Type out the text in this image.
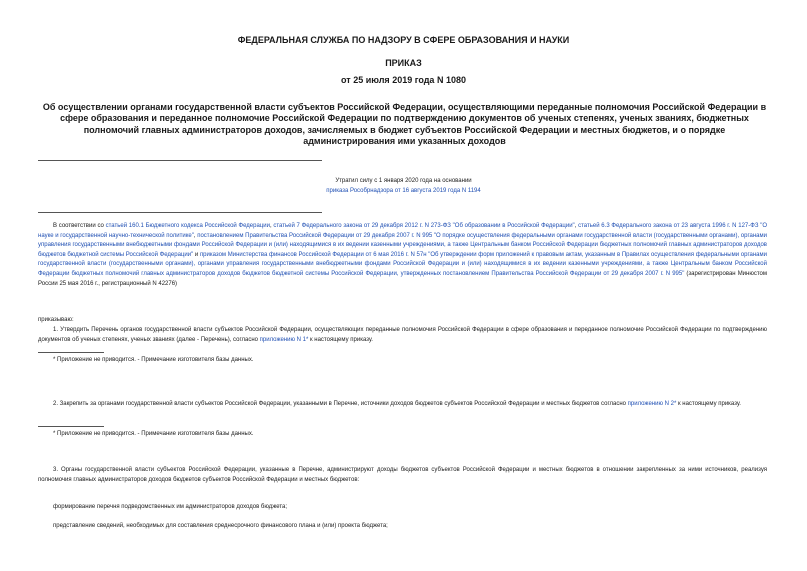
ФЕДЕРАЛЬНАЯ СЛУЖБА ПО НАДЗОРУ В СФЕРЕ ОБРАЗОВАНИЯ И НАУКИ
ПРИКАЗ
от 25 июля 2019 года N 1080
Об осуществлении органами государственной власти субъектов Российской Федерации, осуществляющими переданные полномочия Российской Федерации в сфере образования и переданное полномочие Российской Федерации по подтверждению документов об ученых степенях, ученых званиях, бюджетных полномочий главных администраторов доходов, зачисляемых в бюджет субъектов Российской Федерации и местных бюджетов, и о порядке администрирования ими указанных доходов
Утратил силу с 1 января 2020 года на основании
приказа Рособрнадзора от 16 августа 2019 года N 1194
В соответствии со статьей 160.1 Бюджетного кодекса Российской Федерации, статьей 7 Федерального закона от 29 декабря 2012 г. N 273-ФЗ "Об образовании в Российской Федерации", статьей 6.3 Федерального закона от 23 августа 1996 г. N 127-ФЗ "О науке и государственной научно-технической политике", постановлением Правительства Российской Федерации от 29 декабря 2007 г. N 995 "О порядке осуществления федеральными органами государственной власти (государственными органами), органами управления государственными внебюджетными фондами Российской Федерации и (или) находящимися в их ведении казенными учреждениями, а также Центральным банком Российской Федерации бюджетных полномочий главных администраторов доходов бюджетов бюджетной системы Российской Федерации" и приказом Министерства финансов Российской Федерации от 6 мая 2016 г. N 57н "Об утверждении форм приложений к правовым актам, указанным в Правилах осуществления федеральными органами государственной власти (государственными органами), органами управления государственными внебюджетными фондами Российской Федерации и (или) находящимися в их ведении казенными учреждениями, а также Центральным банком Российской Федерации бюджетных полномочий главных администраторов доходов бюджетов бюджетной системы Российской Федерации, утвержденных постановлением Правительства Российской Федерации от 29 декабря 2007 г. N 995" (зарегистрирован Минюстом России 25 мая 2016 г., регистрационный N 42276)
приказываю:
1. Утвердить Перечень органов государственной власти субъектов Российской Федерации, осуществляющих переданные полномочия Российской Федерации в сфере образования и переданное полномочие Российской Федерации по подтверждению документов об ученых степенях, ученых званиях (далее - Перечень), согласно приложению N 1* к настоящему приказу.
* Приложение не приводится. - Примечание изготовителя базы данных.
2. Закрепить за органами государственной власти субъектов Российской Федерации, указанными в Перечне, источники доходов бюджетов субъектов Российской Федерации и местных бюджетов согласно приложению N 2* к настоящему приказу.
* Приложение не приводится. - Примечание изготовителя базы данных.
3. Органы государственной власти субъектов Российской Федерации, указанные в Перечне, администрируют доходы бюджетов субъектов Российской Федерации и местных бюджетов в отношении закрепленных за ними источников, реализуя полномочия главных администраторов доходов бюджетов субъектов Российской Федерации и местных бюджетов:
формирование перечня подведомственных им администраторов доходов бюджета;
представление сведений, необходимых для составления среднесрочного финансового плана и (или) проекта бюджета;
